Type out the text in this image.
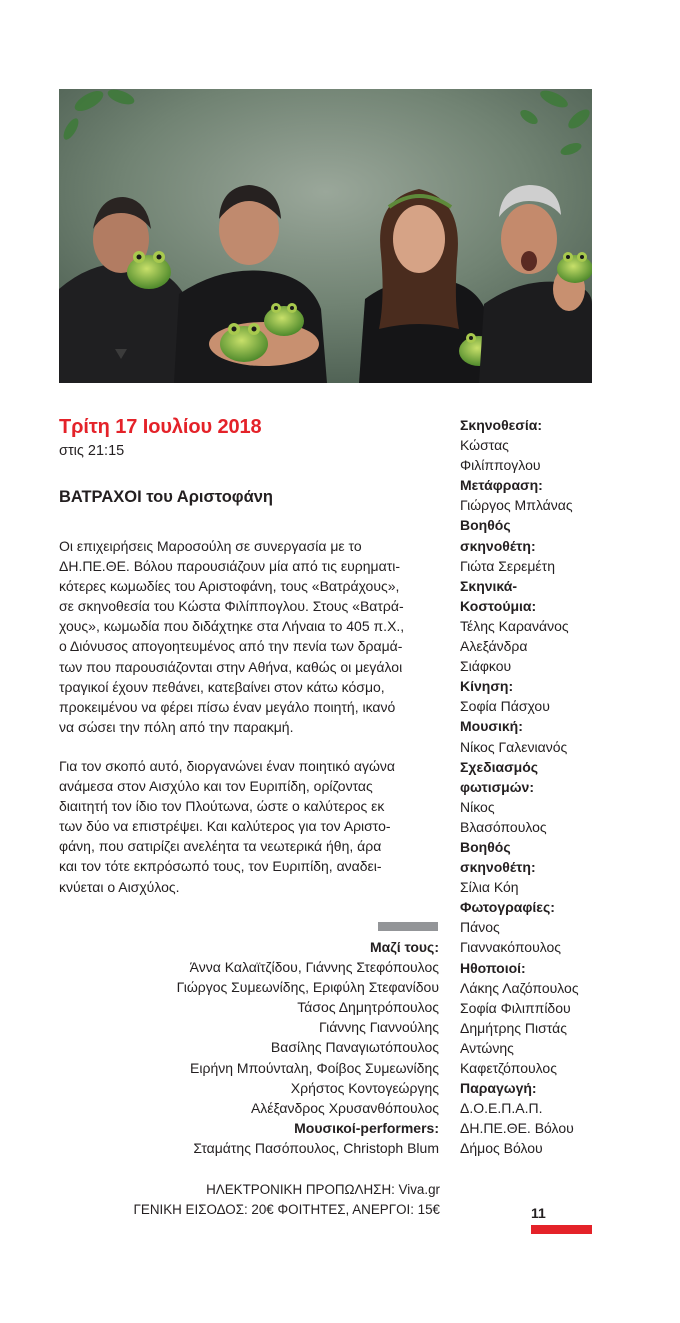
Τρίτη 17 Ιουλίου 2018
στις 21:15
ΒΑΤΡΑΧΟΙ του Αριστοφάνη
Οι επιχειρήσεις Μαροσούλη σε συνεργασία με το
ΔΗ.ΠΕ.ΘΕ. Βόλου παρουσιάζουν μία από τις ευρηματι-
κότερες κωμωδίες του Αριστοφάνη, τους «Βατράχους»,
σε σκηνοθεσία του Κώστα Φιλίππογλου. Στους «Βατρά-
χους», κωμωδία που διδάχτηκε στα Λήναια το 405 π.Χ.,
ο Διόνυσος απογοητευμένος από την πενία των δραμά-
των που παρουσιάζονται στην Αθήνα, καθώς οι μεγάλοι
τραγικοί έχουν πεθάνει, κατεβαίνει στον κάτω κόσμο,
προκειμένου να φέρει πίσω έναν μεγάλο ποιητή, ικανό
να σώσει την πόλη από την παρακμή.
Για τον σκοπό αυτό, διοργανώνει έναν ποιητικό αγώνα
ανάμεσα στον Αισχύλο και τον Ευριπίδη, ορίζοντας
διαιτητή τον ίδιο τον Πλούτωνα, ώστε ο καλύτερος εκ
των δύο να επιστρέψει. Και καλύτερος για τον Αριστο-
φάνη, που σατιρίζει ανελέητα τα νεωτερικά ήθη, άρα
και τον τότε εκπρόσωπό τους, τον Ευριπίδη, αναδει-
κνύεται ο Αισχύλος.
Μαζί τους:
Άννα Καλαϊτζίδου, Γιάννης Στεφόπουλος
Γιώργος Συμεωνίδης, Εριφύλη Στεφανίδου
Τάσος Δημητρόπουλος
Γιάννης Γιαννούλης
Βασίλης Παναγιωτόπουλος
Ειρήνη Μπούνταλη, Φοίβος Συμεωνίδης
Χρήστος Κοντογεώργης
Αλέξανδρος Χρυσανθόπουλος
Μουσικοί-performers:
Σταμάτης Πασόπουλος, Christoph Blum
ΗΛΕΚΤΡΟΝΙΚΗ ΠΡΟΠΩΛΗΣΗ: Viva.gr
ΓΕΝΙΚΗ ΕΙΣΟΔΟΣ: 20€ ΦΟΙΤΗΤΕΣ, ΑΝΕΡΓΟΙ: 15€
Σκηνοθεσία:
Κώστας
Φιλίππογλου
Μετάφραση:
Γιώργος Μπλάνας
Βοηθός
σκηνοθέτη:
Γιώτα Σερεμέτη
Σκηνικά-
Κοστούμια:
Τέλης Καρανάνος
Αλεξάνδρα
Σιάφκου
Κίνηση:
Σοφία Πάσχου
Μουσική:
Νίκος Γαλενιανός
Σχεδιασμός
φωτισμών:
Νίκος
Βλασόπουλος
Βοηθός
σκηνοθέτη:
Σίλια Κόη
Φωτογραφίες:
Πάνος
Γιαννακόπουλος
Ηθοποιοί:
Λάκης Λαζόπουλος
Σοφία Φιλιππίδου
Δημήτρης Πιστάς
Αντώνης
Καφετζόπουλος
Παραγωγή:
Δ.Ο.Ε.Π.Α.Π.
ΔΗ.ΠΕ.ΘΕ. Βόλου
Δήμος Βόλου
11
